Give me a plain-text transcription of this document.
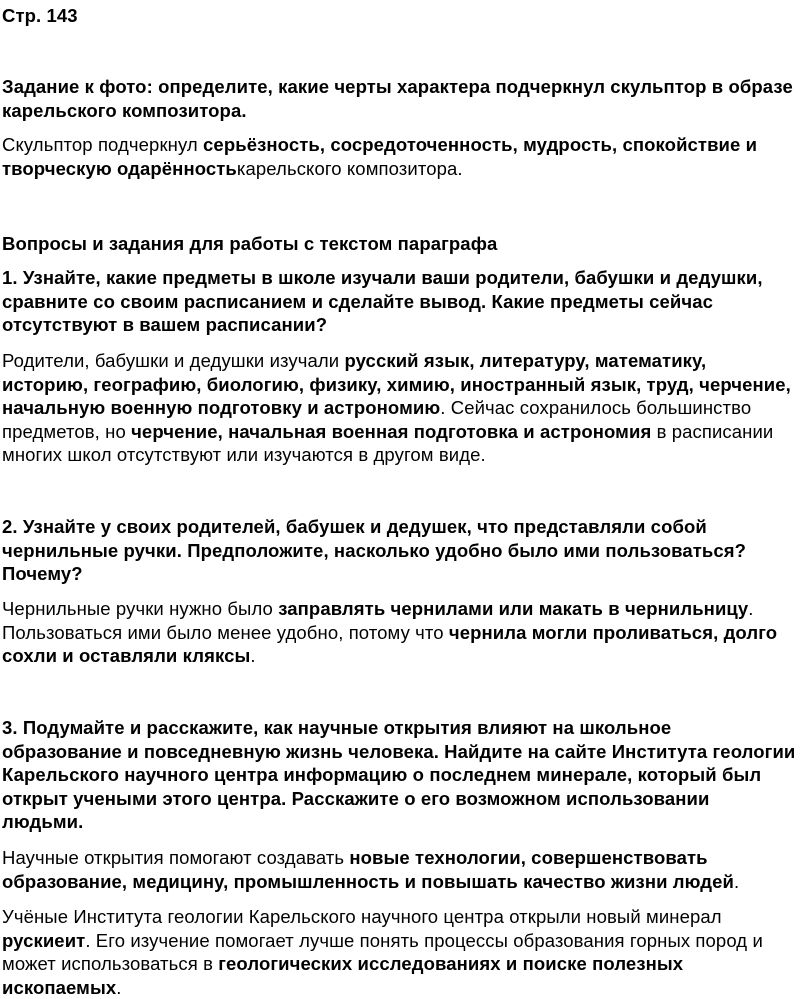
Стр. 143

Задание к фото: определите, какие черты характера подчеркнул скульптор в образе карельского композитора.

Скульптор подчеркнул серьёзность, сосредоточенность, мудрость, спокойствие и творческую одарённостькарельского композитора.

Вопросы и задания для работы с текстом параграфа

1. Узнайте, какие предметы в школе изучали ваши родители, бабушки и дедушки, сравните со своим расписанием и сделайте вывод. Какие предметы сейчас отсутствуют в вашем расписании?

Родители, бабушки и дедушки изучали русский язык, литературу, математику, историю, географию, биологию, физику, химию, иностранный язык, труд, черчение, начальную военную подготовку и астрономию. Сейчас сохранилось большинство предметов, но черчение, начальная военная подготовка и астрономия в расписании многих школ отсутствуют или изучаются в другом виде.

2. Узнайте у своих родителей, бабушек и дедушек, что представляли собой чернильные ручки. Предположите, насколько удобно было ими пользоваться? Почему?

Чернильные ручки нужно было заправлять чернилами или макать в чернильницу. Пользоваться ими было менее удобно, потому что чернила могли проливаться, долго сохли и оставляли кляксы.

3. Подумайте и расскажите, как научные открытия влияют на школьное образование и повседневную жизнь человека. Найдите на сайте Института геологии Карельского научного центра информацию о последнем минерале, который был открыт учеными этого центра. Расскажите о его возможном использовании людьми.

Научные открытия помогают создавать новые технологии, совершенствовать образование, медицину, промышленность и повышать качество жизни людей.

Учёные Института геологии Карельского научного центра открыли новый минерал рускиеит. Его изучение помогает лучше понять процессы образования горных пород и может использоваться в геологических исследованиях и поиске полезных ископаемых.
